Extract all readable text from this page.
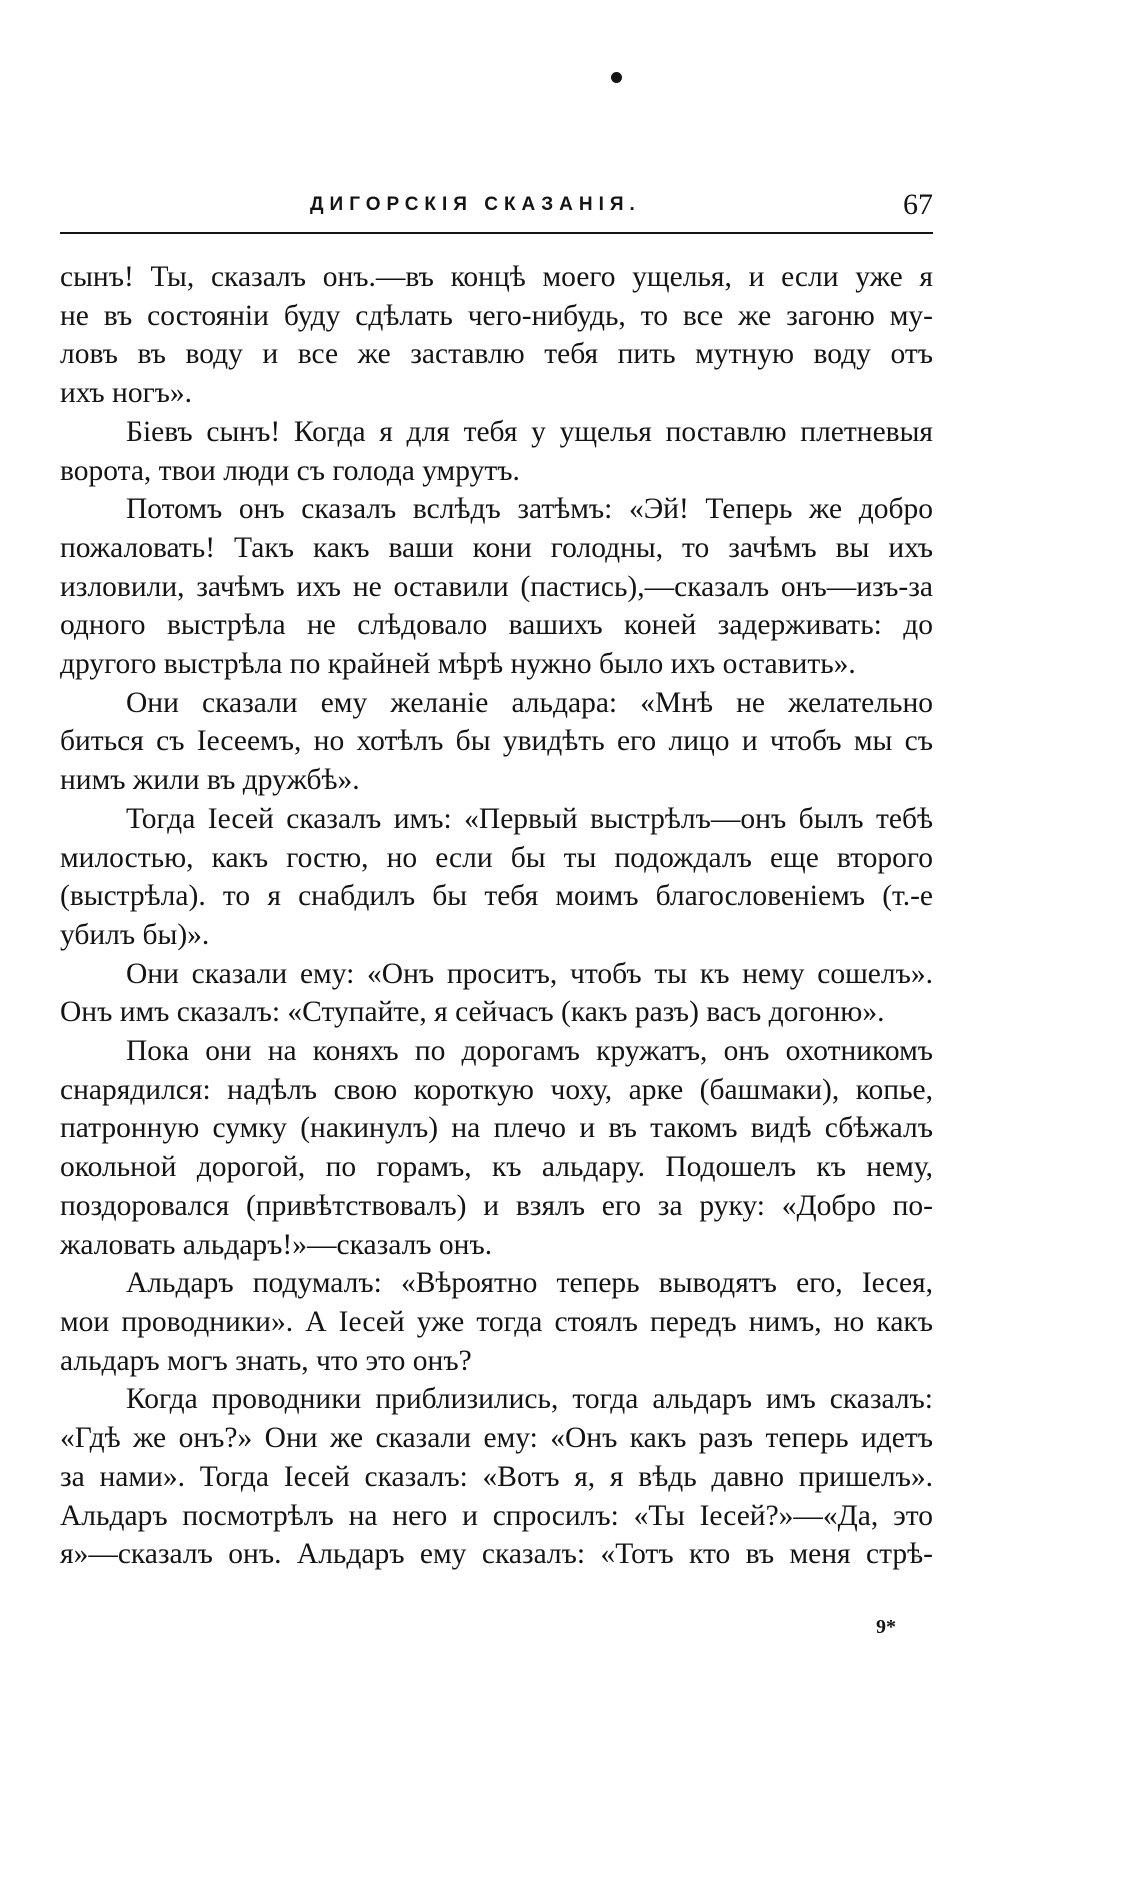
ДИГОРСКІЯ СКАЗАНІЯ.	67

сынъ! Ты, сказалъ онъ.—въ концѣ моего ущелья, и если уже я

не въ состояніи буду сдѣлать чего-нибудь, то все же загоню му-

ловъ въ воду и все же заставлю тебя пить мутную воду отъ

ихъ ногъ».

Біевъ сынъ! Когда я для тебя у ущелья поставлю плетневыя

ворота, твои люди съ голода умрутъ.

Потомъ онъ сказалъ вслѣдъ затѣмъ: «Эй! Теперь же добро

пожаловать! Такъ какъ ваши кони голодны, то зачѣмъ вы ихъ

изловили, зачѣмъ ихъ не оставили (пастись),—сказалъ онъ—изъ-за

одного выстрѣла не слѣдовало вашихъ коней задерживать: до

другого выстрѣла по крайней мѣрѣ нужно было ихъ оставить».

Они сказали ему желаніе альдара: «Мнѣ не желательно

биться съ Іесеемъ, но хотѣлъ бы увидѣть его лицо и чтобъ мы съ

нимъ жили въ дружбѣ».

Тогда Іесей сказалъ имъ: «Первый выстрѣлъ—онъ былъ тебѣ

милостью, какъ гостю, но если бы ты подождалъ еще второго

(выстрѣла). то я снабдилъ бы тебя моимъ благословеніемъ (т.-е

убилъ бы)».

Они сказали ему: «Онъ проситъ, чтобъ ты къ нему сошелъ».

Онъ имъ сказалъ: «Ступайте, я сейчасъ (какъ разъ) васъ догоню».

Пока они на коняхъ по дорогамъ кружатъ, онъ охотникомъ

снарядился: надѣлъ свою короткую чоху, арке (башмаки), копье,

патронную сумку (накинулъ) на плечо и въ такомъ видѣ сбѣжалъ

окольной дорогой, по горамъ, къ альдару. Подошелъ къ нему,

поздоровался (привѣтствовалъ) и взялъ его за руку: «Добро по-

жаловать альдаръ!»—сказалъ онъ.

Альдаръ подумалъ: «Вѣроятно теперь выводятъ его, Іесея,

мои проводники». А Іесей уже тогда стоялъ передъ нимъ, но какъ

альдаръ могъ знать, что это онъ?

Когда проводники приблизились, тогда альдаръ имъ сказалъ:

«Гдѣ же онъ?» Они же сказали ему: «Онъ какъ разъ теперь идетъ

за нами». Тогда Іесей сказалъ: «Вотъ я, я вѣдь давно пришелъ».

Альдаръ посмотрѣлъ на него и спросилъ: «Ты Іесей?»—«Да, это

я»—сказалъ онъ. Альдаръ ему сказалъ: «Тотъ кто въ меня стрѣ-

9*
